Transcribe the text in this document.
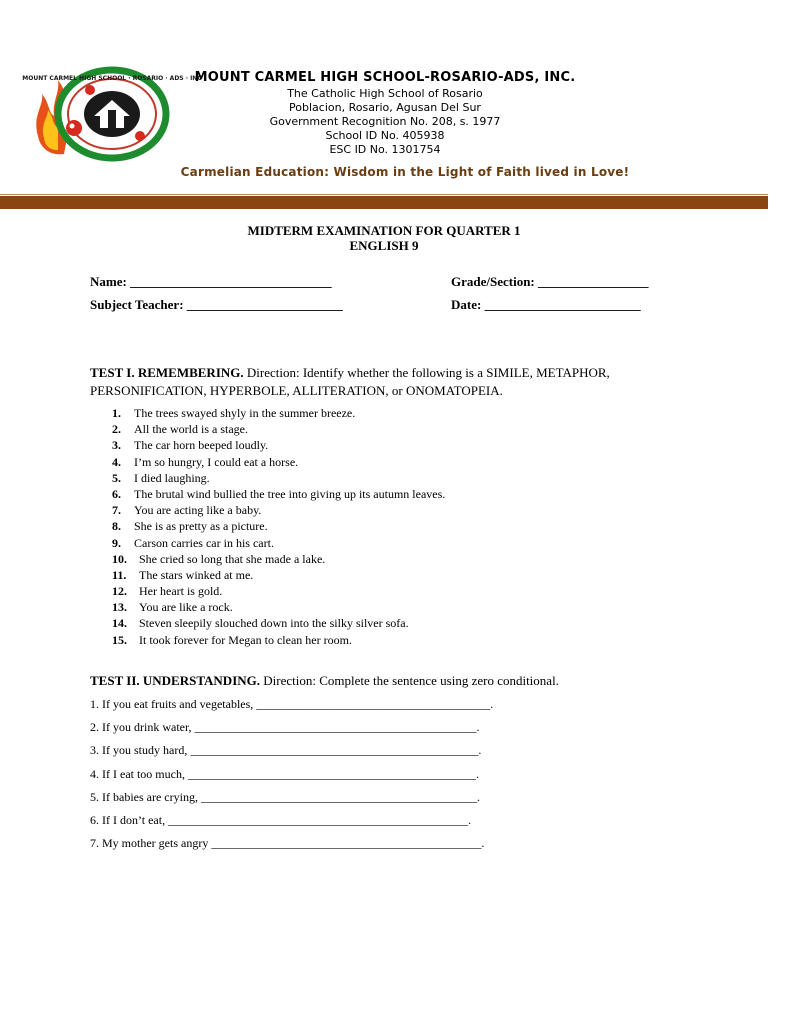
MOUNT CARMEL HIGH SCHOOL · ROSARIO · ADS · INC
MOUNT CARMEL HIGH SCHOOL-ROSARIO-ADS, INC.
The Catholic High School of Rosario
Poblacion, Rosario, Agusan Del Sur
Government Recognition No. 208, s. 1977
School ID No. 405938
ESC ID No. 1301754
Carmelian Education: Wisdom in the Light of Faith lived in Love!
MIDTERM EXAMINATION FOR QUARTER 1
ENGLISH 9
Name: _______________________________	Grade/Section: _________________
Subject Teacher: ________________________	Date: ________________________
TEST I. REMEMBERING. Direction: Identify whether the following is a SIMILE, METAPHOR, PERSONIFICATION, HYPERBOLE, ALLITERATION, or ONOMATOPEIA.
1. The trees swayed shyly in the summer breeze.
2. All the world is a stage.
3. The car horn beeped loudly.
4. I’m so hungry, I could eat a horse.
5. I died laughing.
6. The brutal wind bullied the tree into giving up its autumn leaves.
7. You are acting like a baby.
8. She is as pretty as a picture.
9. Carson carries car in his cart.
10. She cried so long that she made a lake.
11. The stars winked at me.
12. Her heart is gold.
13. You are like a rock.
14. Steven sleepily slouched down into the silky silver sofa.
15. It took forever for Megan to clean her room.
TEST II. UNDERSTANDING. Direction: Complete the sentence using zero conditional.
1. If you eat fruits and vegetables, _______________________________________.
2. If you drink water, _______________________________________________.
3. If you study hard, ________________________________________________.
4. If I eat too much, ________________________________________________.
5. If babies are crying, ______________________________________________.
6. If I don’t eat, __________________________________________________.
7. My mother gets angry _____________________________________________.
